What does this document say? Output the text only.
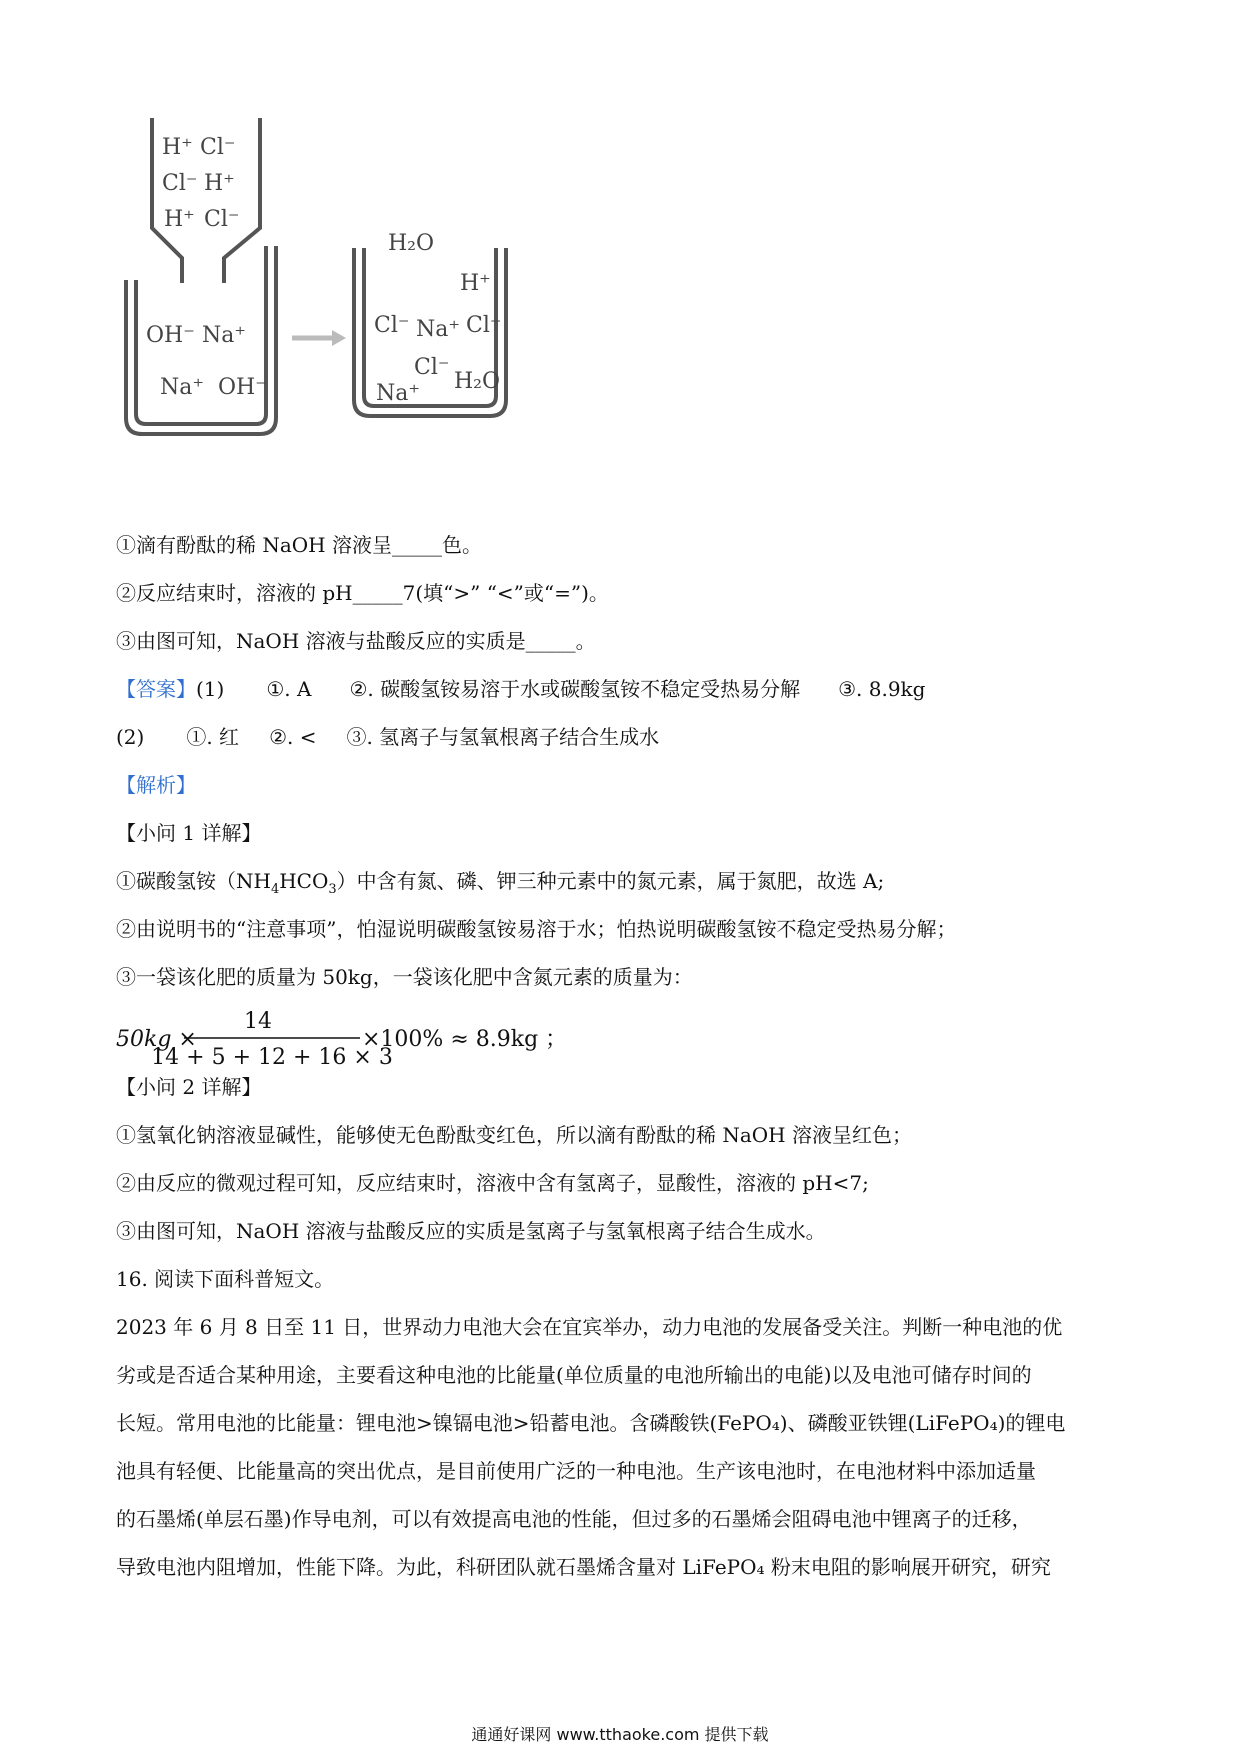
H⁺ Cl⁻
Cl⁻ H⁺
H⁺ Cl⁻
OH⁻ Na⁺
Na⁺ OH⁻
H₂O
H⁺
Cl⁻ Na⁺ Cl⁻
Cl⁻
Na⁺ H₂O
①滴有酚酞的稀 NaOH 溶液呈_____色。
②反应结束时，溶液的 pH_____7(填“>” “<”或“=”)。
③由图可知，NaOH 溶液与盐酸反应的实质是_____。
【答案】(1) ①. A ②. 碳酸氢铵易溶于水或碳酸氢铵不稳定受热易分解 ③. 8.9kg
(2) ①. 红 ②. < ③. 氢离子与氢氧根离子结合生成水
【解析】
【小问 1 详解】
①碳酸氢铵$(NH_4HCO_3)$中含有氮、磷、钾三种元素中的氮元素，属于氮肥，故选 A;
②由说明书的“注意事项”，怕湿说明碳酸氢铵易溶于水；怕热说明碳酸氢铵不稳定受热易分解；
③一袋该化肥的质量为 50kg，一袋该化肥中含氮元素的质量为：
50kg ×
14
14 + 5 + 12 + 16 × 3
×100% ≈ 8.9kg ；
【小问 2 详解】
①氢氧化钠溶液显碱性，能够使无色酚酞变红色，所以滴有酚酞的稀 NaOH 溶液呈红色；
②由反应的微观过程可知，反应结束时，溶液中含有氢离子，显酸性，溶液的 pH<7;
③由图可知，NaOH 溶液与盐酸反应的实质是氢离子与氢氧根离子结合生成水。
16. 阅读下面科普短文。
2023 年 6 月 8 日至 11 日，世界动力电池大会在宜宾举办，动力电池的发展备受关注。判断一种电池的优
劣或是否适合某种用途，主要看这种电池的比能量(单位质量的电池所输出的电能)以及电池可储存时间的
长短。常用电池的比能量：锂电池>镍镉电池>铅蓄电池。含磷酸铁(FePO₄)、磷酸亚铁锂(LiFePO₄)的锂电
池具有轻便、比能量高的突出优点，是目前使用广泛的一种电池。生产该电池时，在电池材料中添加适量
的石墨烯(单层石墨)作导电剂，可以有效提高电池的性能，但过多的石墨烯会阻碍电池中锂离子的迁移，
导致电池内阻增加，性能下降。为此，科研团队就石墨烯含量对 LiFePO₄ 粉末电阻的影响展开研究，研究
通通好课网 www.tthaoke.com 提供下载
